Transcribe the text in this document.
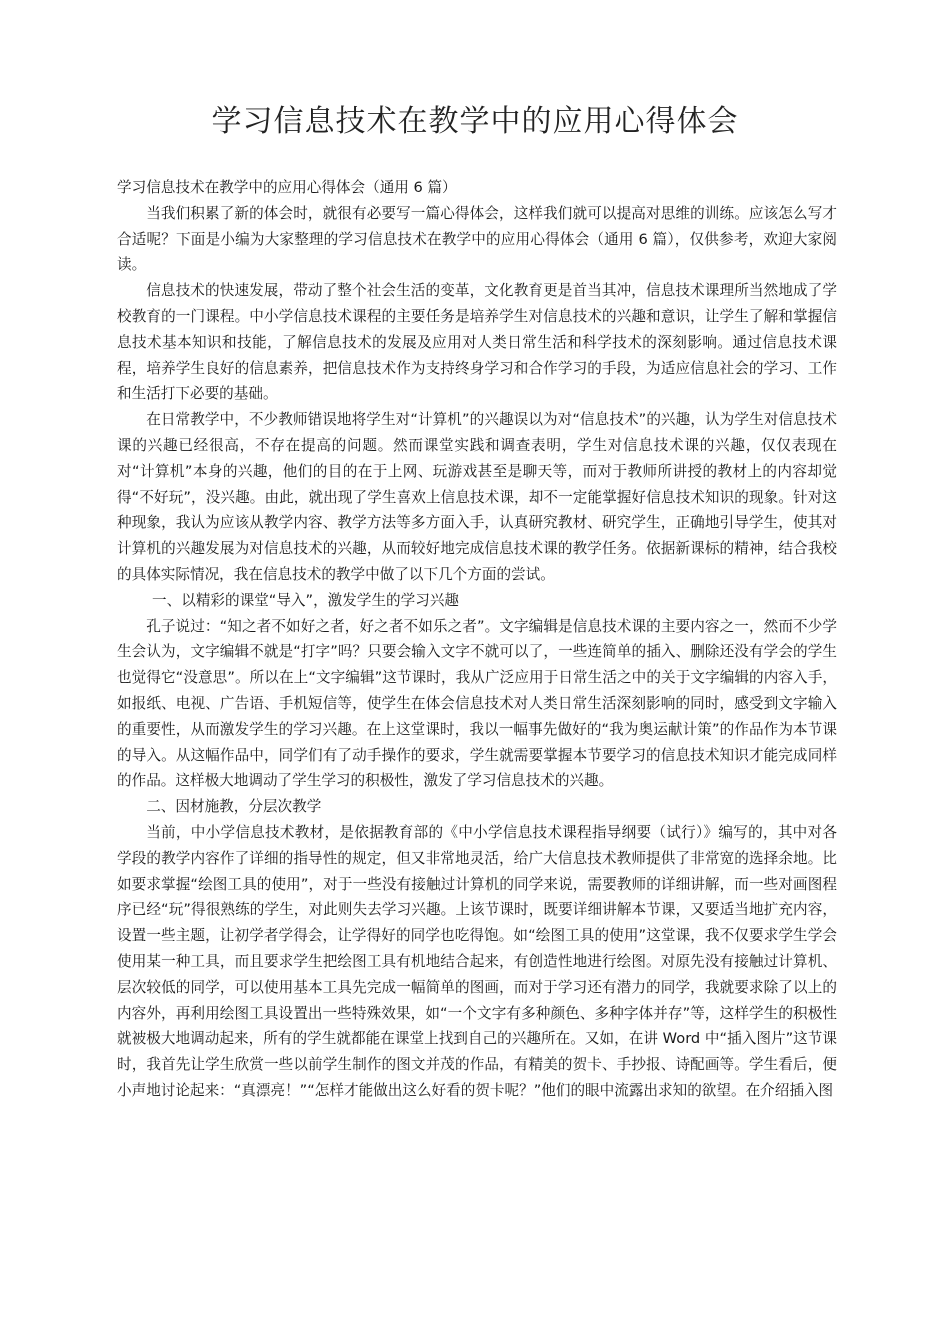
学习信息技术在教学中的应用心得体会

学习信息技术在教学中的应用心得体会（通用 6 篇）

当我们积累了新的体会时，就很有必要写一篇心得体会，这样我们就可以提高对思维的训练。应该怎么写才合适呢？下面是小编为大家整理的学习信息技术在教学中的应用心得体会（通用 6 篇），仅供参考，欢迎大家阅读。

信息技术的快速发展，带动了整个社会生活的变革，文化教育更是首当其冲，信息技术课理所当然地成了学校教育的一门课程。中小学信息技术课程的主要任务是培养学生对信息技术的兴趣和意识，让学生了解和掌握信息技术基本知识和技能，了解信息技术的发展及应用对人类日常生活和科学技术的深刻影响。通过信息技术课程，培养学生良好的信息素养，把信息技术作为支持终身学习和合作学习的手段，为适应信息社会的学习、工作和生活打下必要的基础。

在日常教学中，不少教师错误地将学生对“计算机”的兴趣误以为对“信息技术”的兴趣，认为学生对信息技术课的兴趣已经很高，不存在提高的问题。然而课堂实践和调查表明，学生对信息技术课的兴趣，仅仅表现在对“计算机”本身的兴趣，他们的目的在于上网、玩游戏甚至是聊天等，而对于教师所讲授的教材上的内容却觉得“不好玩”，没兴趣。由此，就出现了学生喜欢上信息技术课，却不一定能掌握好信息技术知识的现象。针对这种现象，我认为应该从教学内容、教学方法等多方面入手，认真研究教材、研究学生，正确地引导学生，使其对计算机的兴趣发展为对信息技术的兴趣，从而较好地完成信息技术课的教学任务。依据新课标的精神，结合我校的具体实际情况，我在信息技术的教学中做了以下几个方面的尝试。

一、以精彩的课堂“导入”，激发学生的学习兴趣

孔子说过：“知之者不如好之者，好之者不如乐之者”。文字编辑是信息技术课的主要内容之一，然而不少学生会认为，文字编辑不就是“打字”吗？只要会输入文字不就可以了，一些连简单的插入、删除还没有学会的学生也觉得它“没意思”。所以在上“文字编辑”这节课时，我从广泛应用于日常生活之中的关于文字编辑的内容入手，如报纸、电视、广告语、手机短信等，使学生在体会信息技术对人类日常生活深刻影响的同时，感受到文字输入的重要性，从而激发学生的学习兴趣。在上这堂课时，我以一幅事先做好的“我为奥运献计策”的作品作为本节课的导入。从这幅作品中，同学们有了动手操作的要求，学生就需要掌握本节要学习的信息技术知识才能完成同样的作品。这样极大地调动了学生学习的积极性，激发了学习信息技术的兴趣。

二、因材施教，分层次教学

当前，中小学信息技术教材，是依据教育部的《中小学信息技术课程指导纲要（试行）》编写的，其中对各学段的教学内容作了详细的指导性的规定，但又非常地灵活，给广大信息技术教师提供了非常宽的选择余地。比如要求掌握“绘图工具的使用”，对于一些没有接触过计算机的同学来说，需要教师的详细讲解，而一些对画图程序已经“玩”得很熟练的学生，对此则失去学习兴趣。上该节课时，既要详细讲解本节课，又要适当地扩充内容，设置一些主题，让初学者学得会，让学得好的同学也吃得饱。如“绘图工具的使用”这堂课，我不仅要求学生学会使用某一种工具，而且要求学生把绘图工具有机地结合起来，有创造性地进行绘图。对原先没有接触过计算机、层次较低的同学，可以使用基本工具先完成一幅简单的图画，而对于学习还有潜力的同学，我就要求除了以上的内容外，再利用绘图工具设置出一些特殊效果，如“一个文字有多种颜色、多种字体并存”等，这样学生的积极性就被极大地调动起来，所有的学生就都能在课堂上找到自己的兴趣所在。又如，在讲 Word 中“插入图片”这节课时，我首先让学生欣赏一些以前学生制作的图文并茂的作品，有精美的贺卡、手抄报、诗配画等。学生看后，便小声地讨论起来：“真漂亮！”“怎样才能做出这么好看的贺卡呢？”他们的眼中流露出求知的欲望。在介绍插入图
